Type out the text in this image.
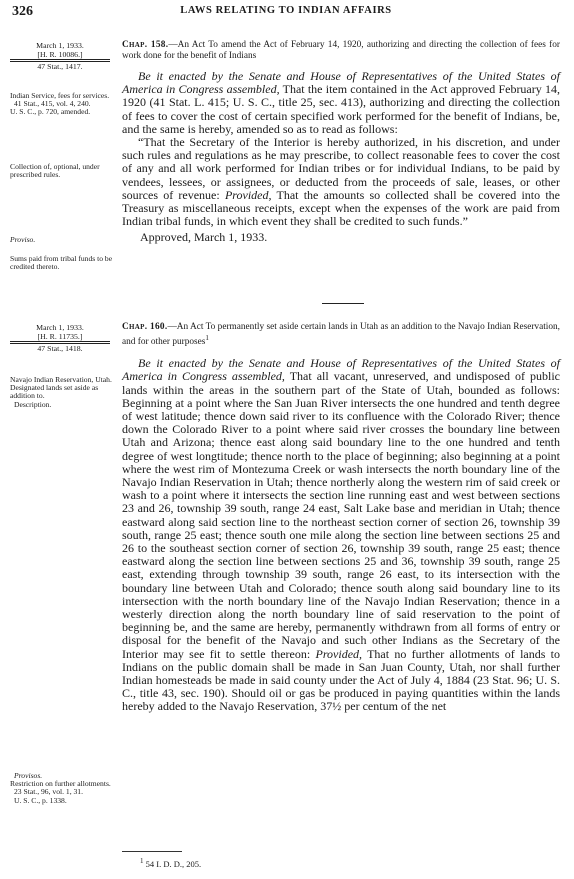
326	LAWS RELATING TO INDIAN AFFAIRS
March 1, 1933.
[H. R. 10086.]
47 Stat., 1417.
Indian Service, fees for services.
41 Stat., 415, vol. 4, 240.
U. S. C., p. 720, amended.
Collection of, optional, under prescribed rules.
Proviso.
Sums paid from tribal funds to be credited thereto.
Chap. 158.—An Act To amend the Act of February 14, 1920, authorizing and directing the collection of fees for work done for the benefit of Indians

Be it enacted by the Senate and House of Representatives of the United States of America in Congress assembled, That the item contained in the Act approved February 14, 1920 (41 Stat. L. 415; U. S. C., title 25, sec. 413), authorizing and directing the collection of fees to cover the cost of certain specified work performed for the benefit of Indians, be, and the same is hereby, amended so as to read as follows:

“That the Secretary of the Interior is hereby authorized, in his discretion, and under such rules and regulations as he may prescribe, to collect reasonable fees to cover the cost of any and all work performed for Indian tribes or for individual Indians, to be paid by vendees, lessees, or assignees, or deducted from the proceeds of sale, leases, or other sources of revenue: Provided, That the amounts so collected shall be covered into the Treasury as miscellaneous receipts, except when the expenses of the work are paid from Indian tribal funds, in which event they shall be credited to such funds.”

Approved, March 1, 1933.
March 1, 1933.
[H. R. 11735.]
47 Stat., 1418.
Navajo Indian Reservation, Utah.
Designated lands set aside as addition to.
Description.
Provisos.
Restriction on further allotments.
23 Stat., 96, vol. 1, 31.
U. S. C., p. 1338.
Chap. 160.—An Act To permanently set aside certain lands in Utah as an addition to the Navajo Indian Reservation, and for other purposes$^1$

Be it enacted by the Senate and House of Representatives of the United States of America in Congress assembled, That all vacant, unreserved, and undisposed of public lands within the areas in the southern part of the State of Utah, bounded as follows: Beginning at a point where the San Juan River intersects the one hundred and tenth degree of west latitude; thence down said river to its confluence with the Colorado River; thence down the Colorado River to a point where said river crosses the boundary line between Utah and Arizona; thence east along said boundary line to the one hundred and tenth degree of west longtitude; thence north to the place of beginning; also beginning at a point where the west rim of Montezuma Creek or wash intersects the north boundary line of the Navajo Indian Reservation in Utah; thence northerly along the western rim of said creek or wash to a point where it intersects the section line running east and west between sections 23 and 26, township 39 south, range 24 east, Salt Lake base and meridian in Utah; thence eastward along said section line to the northeast section corner of section 26, township 39 south, range 25 east; thence south one mile along the section line between sections 25 and 26 to the southeast section corner of section 26, township 39 south, range 25 east; thence eastward along the section line between sections 25 and 36, township 39 south, range 25 east, extending through township 39 south, range 26 east, to its intersection with the boundary line between Utah and Colorado; thence south along said boundary line to its intersection with the north boundary line of the Navajo Indian Reservation; thence in a westerly direction along the north boundary line of said reservation to the point of beginning be, and the same are hereby, permanently withdrawn from all forms of entry or disposal for the benefit of the Navajo and such other Indians as the Secretary of the Interior may see fit to settle thereon: Provided, That no further allotments of lands to Indians on the public domain shall be made in San Juan County, Utah, nor shall further Indian homesteads be made in said county under the Act of July 4, 1884 (23 Stat. 96; U. S. C., title 43, sec. 190). Should oil or gas be produced in paying quantities within the lands hereby added to the Navajo Reservation, 37½ per centum of the net

$^1$ 54 I. D. D., 205.
